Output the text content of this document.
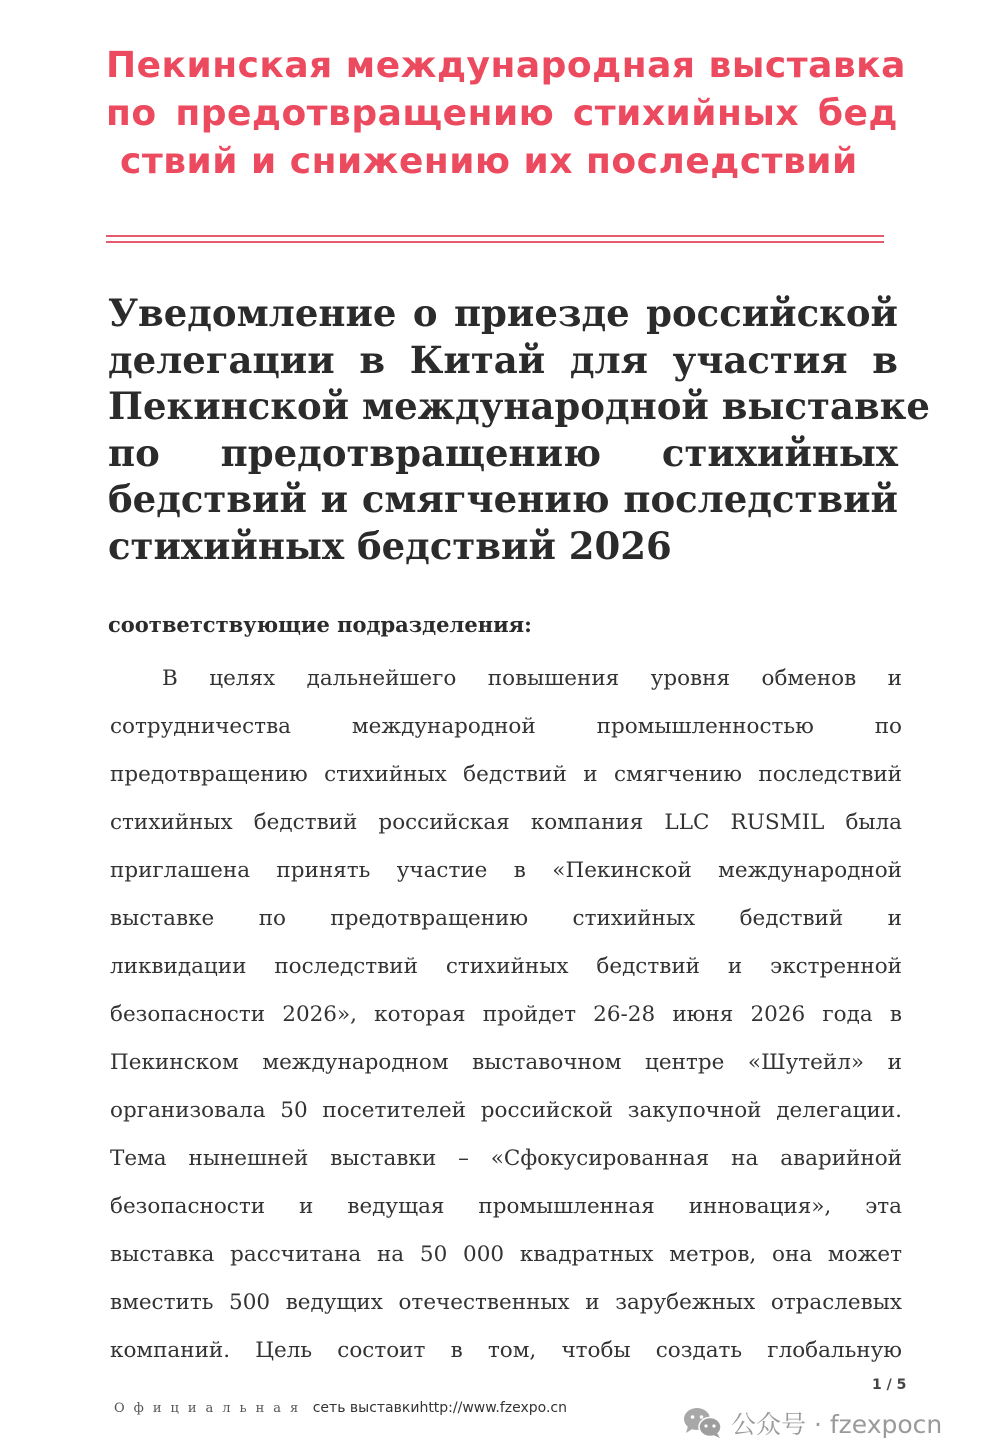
Пекинская международная выставка
по предотвращению стихийных бед
ствий и снижению их последствий
Уведомление о приезде российской
делегации в Китай для участия в
Пекинской международной выставке
по предотвращению стихийных
бедствий и смягчению последствий
стихийных бедствий 2026
соответствующие подразделения:
В целях дальнейшего повышения уровня обменов и
сотрудничества международной промышленностью по
предотвращению стихийных бедствий и смягчению последствий
стихийных бедствий российская компания LLC RUSMIL была
приглашена принять участие в «Пекинской международной
выставке по предотвращению стихийных бедствий и
ликвидации последствий стихийных бедствий и экстренной
безопасности 2026», которая пройдет 26-28 июня 2026 года в
Пекинском международном выставочном центре «Шутейл» и
организовала 50 посетителей российской закупочной делегации.
Тема нынешней выставки – «Сфокусированная на аварийной
безопасности и ведущая промышленная инновация», эта
выставка рассчитана на 50 000 квадратных метров, она может
вместить 500 ведущих отечественных и зарубежных отраслевых
компаний. Цель состоит в том, чтобы создать глобальную
1 / 5
Официальная сеть выставкиhttp://www.fzexpo.cn
公众号 · fzexpocn
